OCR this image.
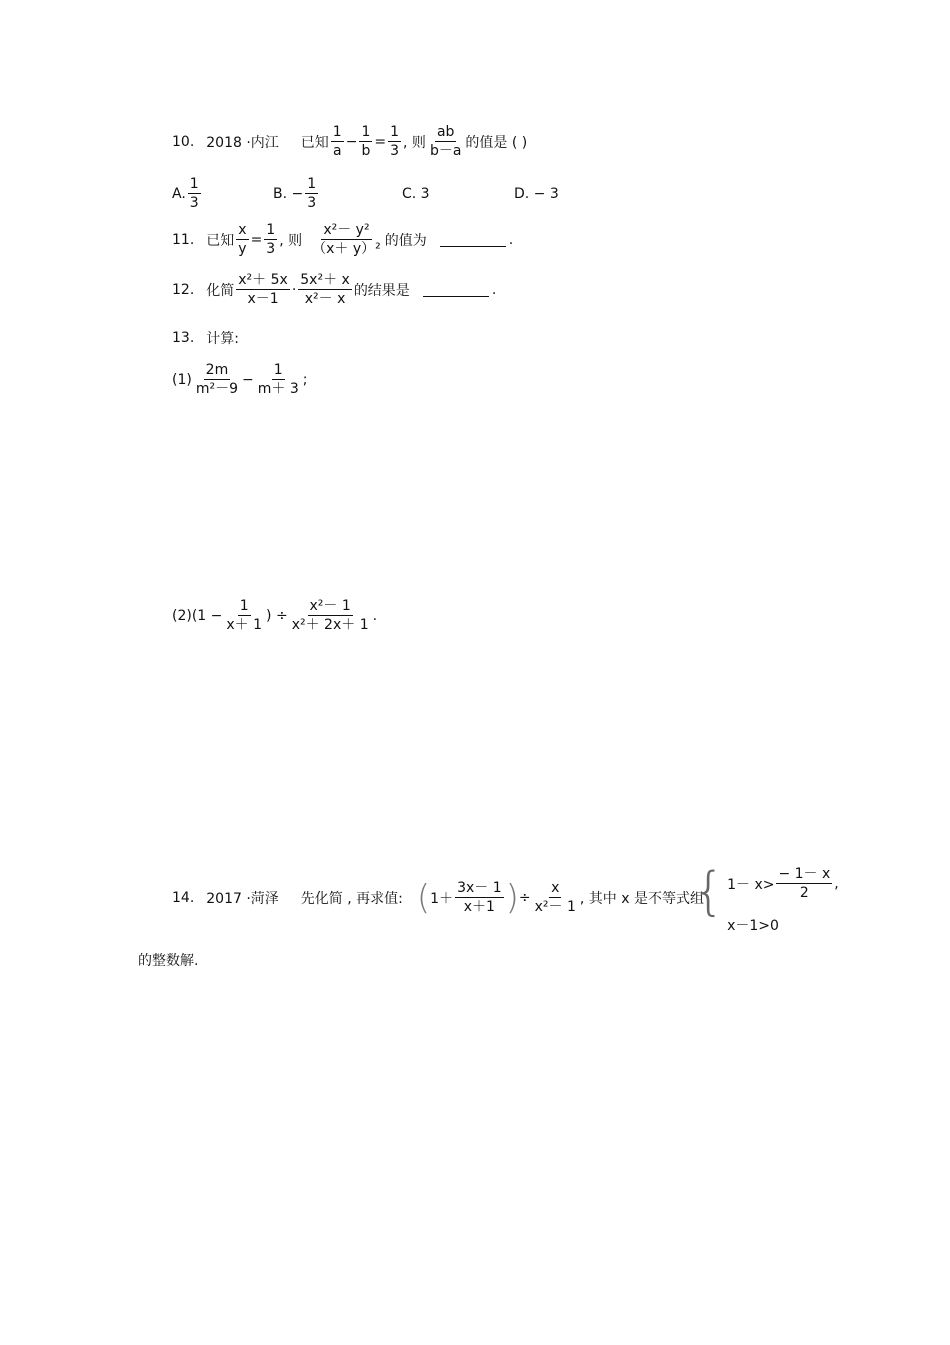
10. 2018 ·内江 已知 $\frac{1}{a} - \frac{1}{b} = \frac{1}{3}$ , 则 $\frac{ab}{b-a}$ 的值是 ( )
A. $\frac{1}{3}$	B. − $\frac{1}{3}$	C. 3	D. − 3
11. 已知 $\frac{x}{y} = \frac{1}{3}$ , 则 $\frac{\text{x²－ y²}}{\text{（x＋ y）²}}$ 的值为	.
12. 化简 $\frac{\text{x²＋ 5x}}{x-1} \cdot \frac{\text{5x²＋ x}}{\text{x²－ x}}$ 的结果是	.
13. 计算:
$(1) \frac{2m}{\text{m²－9}} - \frac{1}{m+ 3}$ ;
$(2)(1 - \frac{1}{x+ 1}$ ) ÷ $\frac{\text{x²－ 1}}{\text{x²＋ 2x＋ 1}}$ .
14. 2017 ·菏泽 先化简 , 再求值: ( $1+ \frac{3x- 1}{x+1}$ ) ÷ $\frac{x}{\text{x²－ 1}}$ , 其中 x 是不等式组
{ $1- x> \frac{- 1- x}{2}$ ,
x－1>0
的整数解.
